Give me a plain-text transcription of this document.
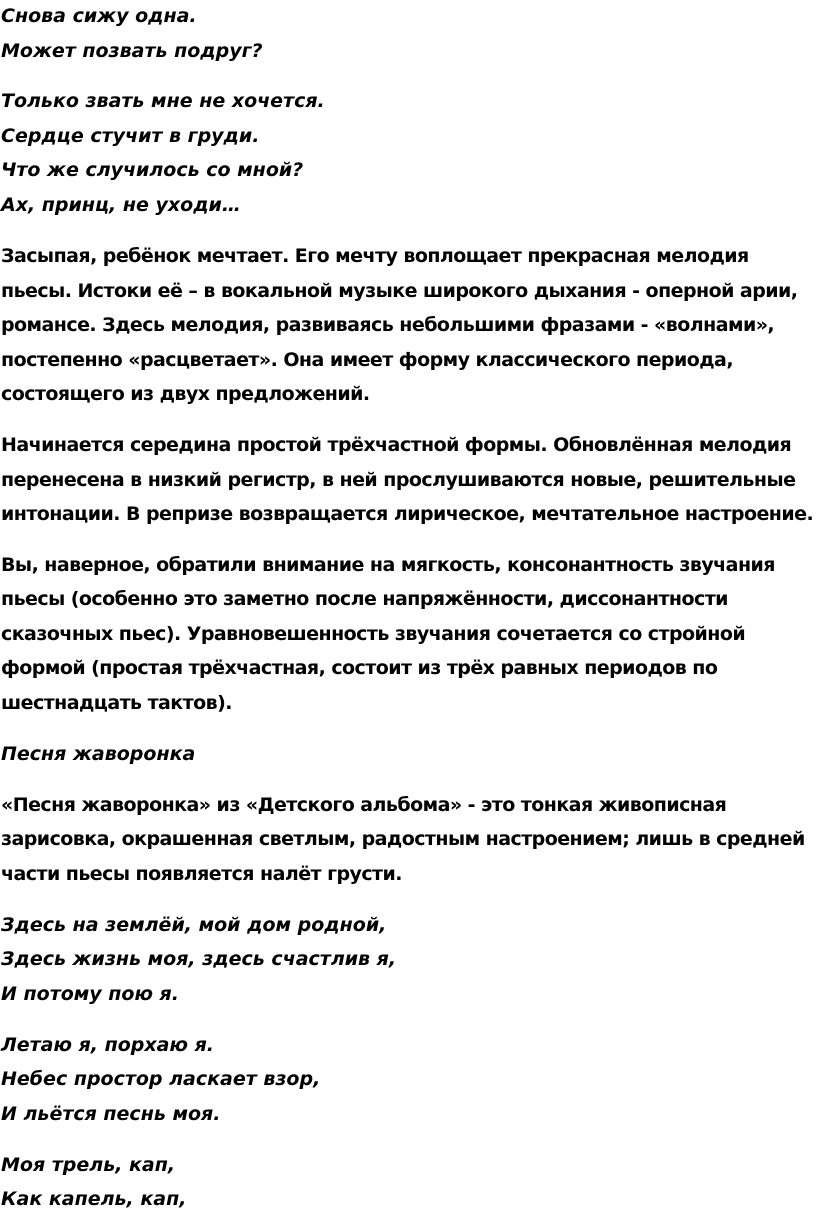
Снова сижу одна.
Может позвать подруг?
Только звать мне не хочется.
Сердце стучит в груди.
Что же случилось со мной?
Ах, принц, не уходи…
Засыпая, ребёнок мечтает. Его мечту воплощает прекрасная мелодия
пьесы. Истоки её – в вокальной музыке широкого дыхания - оперной арии,
романсе. Здесь мелодия, развиваясь небольшими фразами - «волнами»,
постепенно «расцветает». Она имеет форму классического периода,
состоящего из двух предложений.
Начинается середина простой трёхчастной формы. Обновлённая мелодия
перенесена в низкий регистр, в ней прослушиваются новые, решительные
интонации. В репризе возвращается лирическое, мечтательное настроение.
Вы, наверное, обратили внимание на мягкость, консонантность звучания
пьесы (особенно это заметно после напряжённости, диссонантности
сказочных пьес). Уравновешенность звучания сочетается со стройной
формой (простая трёхчастная, состоит из трёх равных периодов по
шестнадцать тактов).
Песня жаворонка
«Песня жаворонка» из «Детского альбома» - это тонкая живописная
зарисовка, окрашенная светлым, радостным настроением; лишь в средней
части пьесы появляется налёт грусти.
Здесь на землёй, мой дом родной,
Здесь жизнь моя, здесь счастлив я,
И потому пою я.
Летаю я, порхаю я.
Небес простор ласкает взор,
И льётся песнь моя.
Моя трель, кап,
Как капель, кап,
